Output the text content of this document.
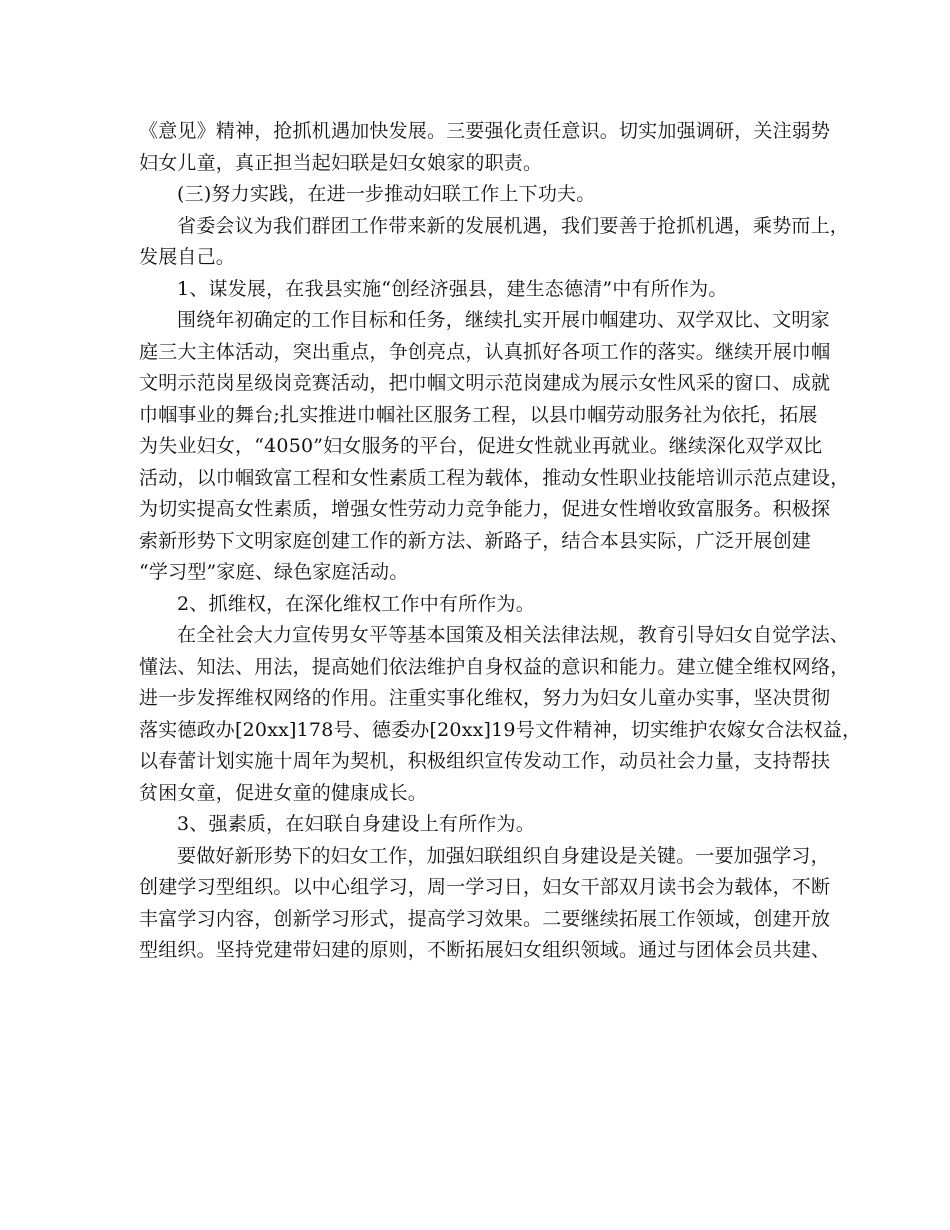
《意见》精神，抢抓机遇加快发展。三要强化责任意识。切实加强调研，关注弱势
妇女儿童，真正担当起妇联是妇女娘家的职责。
(三)努力实践，在进一步推动妇联工作上下功夫。
省委会议为我们群团工作带来新的发展机遇，我们要善于抢抓机遇，乘势而上，
发展自己。
1、谋发展，在我县实施“创经济强县，建生态德清”中有所作为。
围绕年初确定的工作目标和任务，继续扎实开展巾帼建功、双学双比、文明家
庭三大主体活动，突出重点，争创亮点，认真抓好各项工作的落实。继续开展巾帼
文明示范岗星级岗竞赛活动，把巾帼文明示范岗建成为展示女性风采的窗口、成就
巾帼事业的舞台;扎实推进巾帼社区服务工程，以县巾帼劳动服务社为依托，拓展
为失业妇女，“4050”妇女服务的平台，促进女性就业再就业。继续深化双学双比
活动，以巾帼致富工程和女性素质工程为载体，推动女性职业技能培训示范点建设，
为切实提高女性素质，增强女性劳动力竞争能力，促进女性增收致富服务。积极探
索新形势下文明家庭创建工作的新方法、新路子，结合本县实际，广泛开展创建
“学习型”家庭、绿色家庭活动。
2、抓维权，在深化维权工作中有所作为。
在全社会大力宣传男女平等基本国策及相关法律法规，教育引导妇女自觉学法、
懂法、知法、用法，提高她们依法维护自身权益的意识和能力。建立健全维权网络，
进一步发挥维权网络的作用。注重实事化维权，努力为妇女儿童办实事，坚决贯彻
落实德政办[20xx]178号、德委办[20xx]19号文件精神，切实维护农嫁女合法权益，
以春蕾计划实施十周年为契机，积极组织宣传发动工作，动员社会力量，支持帮扶
贫困女童，促进女童的健康成长。
3、强素质，在妇联自身建设上有所作为。
要做好新形势下的妇女工作，加强妇联组织自身建设是关键。一要加强学习，
创建学习型组织。以中心组学习，周一学习日，妇女干部双月读书会为载体，不断
丰富学习内容，创新学习形式，提高学习效果。二要继续拓展工作领域，创建开放
型组织。坚持党建带妇建的原则，不断拓展妇女组织领域。通过与团体会员共建、
